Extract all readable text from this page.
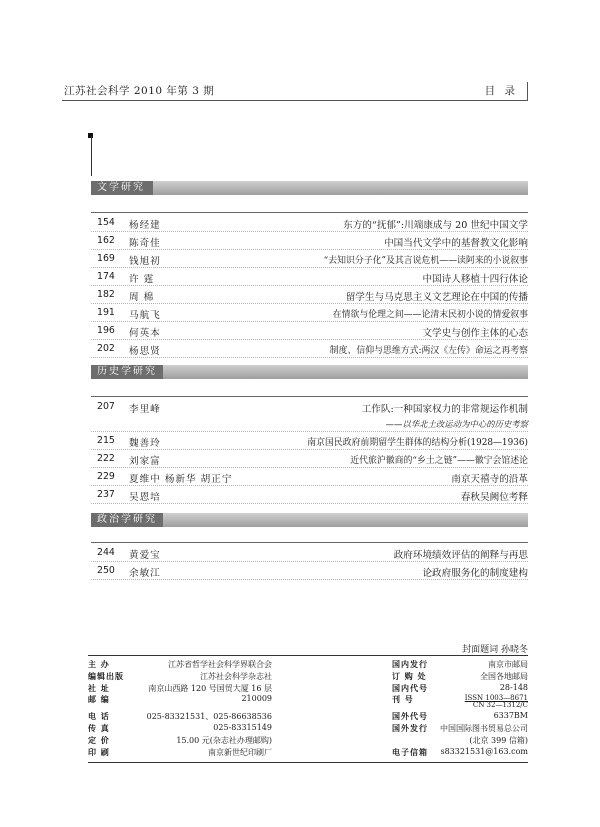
江苏社会科学 2010 年第 3 期	目 录
文学研究
154 杨经建	东方的“抚郁”:川端康成与 20 世纪中国文学
162 陈奇佳	中国当代文学中的基督教文化影响
169 钱旭初	“去知识分子化”及其言说危机——读阿来的小说叙事
174 许 霆	中国诗人移植十四行体论
182 周 棉	留学生与马克思主义文艺理论在中国的传播
191 马航飞	在情欲与伦理之间——论清末民初小说的情爱叙事
196 何英本	文学史与创作主体的心态
202 杨思贤	制度、信仰与思维方式:两汉《左传》命运之再考察
历史学研究
207 李里峰	工作队:一种国家权力的非常规运作机制
——以华北土改运动为中心的历史考察
215 魏善玲	南京国民政府前期留学生群体的结构分析(1928—1936)
222 刘家富	近代旅沪徽商的“乡土之链”——徽宁会馆述论
229 夏维中 杨新华 胡正宁	南京天禧寺的沿革
237 吴恩培	春秋吴阙位考释
政治学研究
244 黄爱宝	政府环境绩效评估的阐释与再思
250 余敏江	论政府服务化的制度建构
封面题词 孙晓冬
主 办	江苏省哲学社会科学界联合会	国内发行	南京市邮局
编辑出版	江苏社会科学杂志社	订 购 处	全国各地邮局
社 址	南京山西路 120 号国贸大厦 16 层	国内代号	28-148
邮 编	210009	刊 号	ISSN 1003—8671
CN 32—1312/C
电 话	025-83321531、025-86638536	国外代号	6337BM
传 真	025-83315149	国外发行 中国国际图书贸易总公司
定 价	15.00 元(杂志社办理邮购)	(北京 399 信箱)
印 刷	南京新世纪印刷厂	电子信箱 s83321531@163.com
